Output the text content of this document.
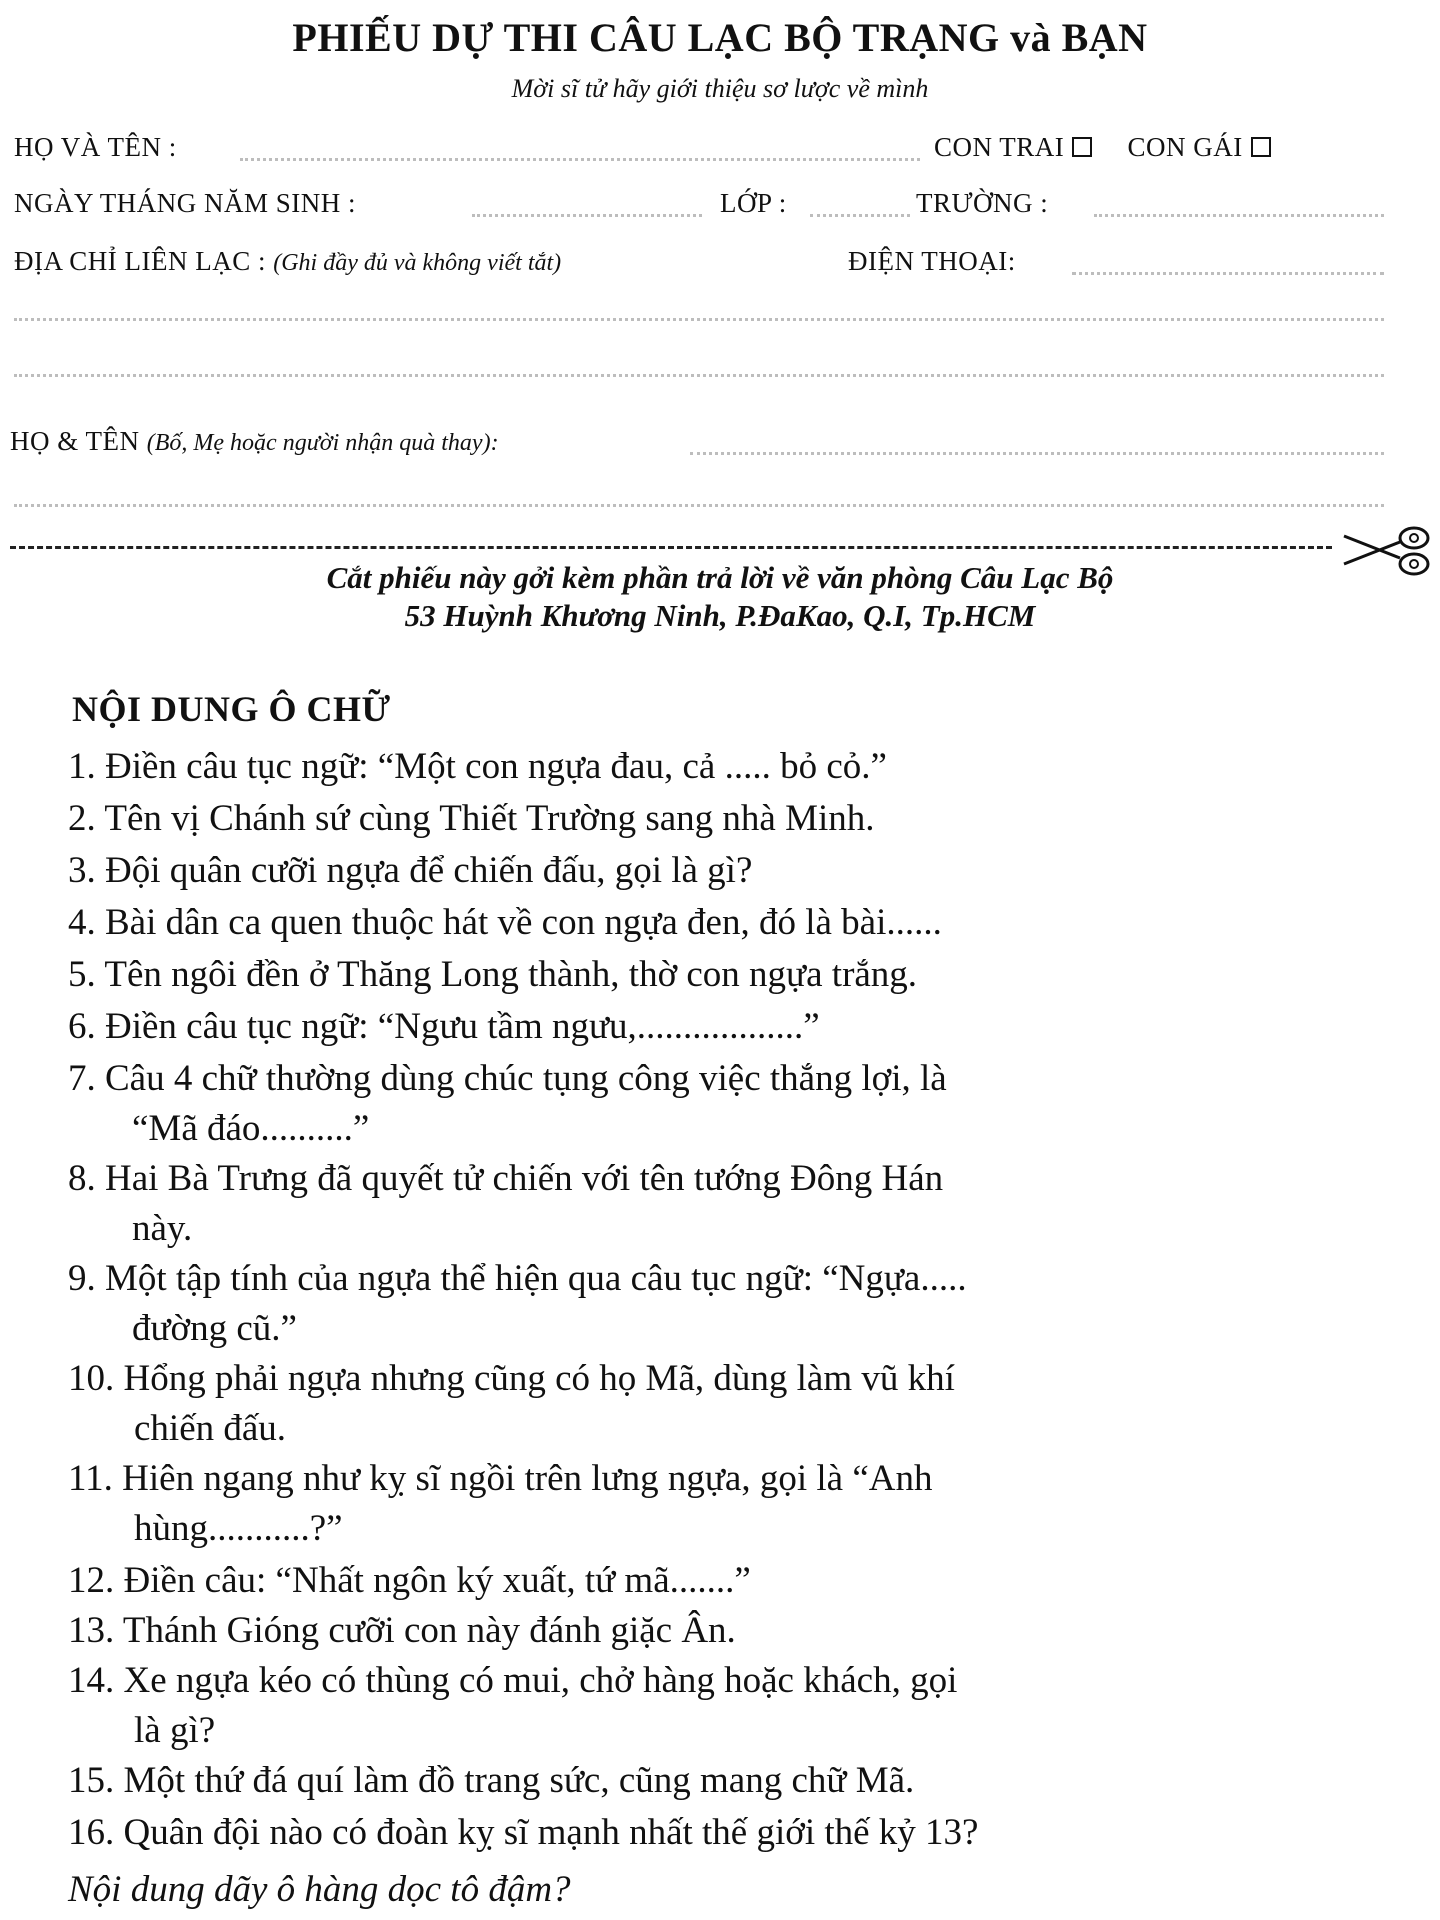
PHIẾU DỰ THI CÂU LẠC BỘ TRẠNG và BẠN
Mời sĩ tử hãy giới thiệu sơ lược về mình
HỌ VÀ TÊN :	CON TRAI CON GÁI
NGÀY THÁNG NĂM SINH :	LỚP :	TRƯỜNG :
ĐỊA CHỈ LIÊN LẠC : (Ghi đầy đủ và không viết tắt)	ĐIỆN THOẠI:
HỌ & TÊN (Bố, Mẹ hoặc người nhận quà thay):
Cắt phiếu này gởi kèm phần trả lời về văn phòng Câu Lạc Bộ
53 Huỳnh Khương Ninh, P.ĐaKao, Q.I, Tp.HCM
NỘI DUNG Ô CHỮ
1. Điền câu tục ngữ: “Một con ngựa đau, cả ..... bỏ cỏ.”
2. Tên vị Chánh sứ cùng Thiết Trường sang nhà Minh.
3. Đội quân cưỡi ngựa để chiến đấu, gọi là gì?
4. Bài dân ca quen thuộc hát về con ngựa đen, đó là bài......
5. Tên ngôi đền ở Thăng Long thành, thờ con ngựa trắng.
6. Điền câu tục ngữ: “Ngưu tầm ngưu,..................”
7. Câu 4 chữ thường dùng chúc tụng công việc thắng lợi, là
“Mã đáo..........”
8. Hai Bà Trưng đã quyết tử chiến với tên tướng Đông Hán
này.
9. Một tập tính của ngựa thể hiện qua câu tục ngữ: “Ngựa.....
đường cũ.”
10. Hổng phải ngựa nhưng cũng có họ Mã, dùng làm vũ khí
chiến đấu.
11. Hiên ngang như kỵ sĩ ngồi trên lưng ngựa, gọi là “Anh
hùng...........?”
12. Điền câu: “Nhất ngôn ký xuất, tứ mã.......”
13. Thánh Gióng cưỡi con này đánh giặc Ân.
14. Xe ngựa kéo có thùng có mui, chở hàng hoặc khách, gọi
là gì?
15. Một thứ đá quí làm đồ trang sức, cũng mang chữ Mã.
16. Quân đội nào có đoàn kỵ sĩ mạnh nhất thế giới thế kỷ 13?
Nội dung dãy ô hàng dọc tô đậm?
